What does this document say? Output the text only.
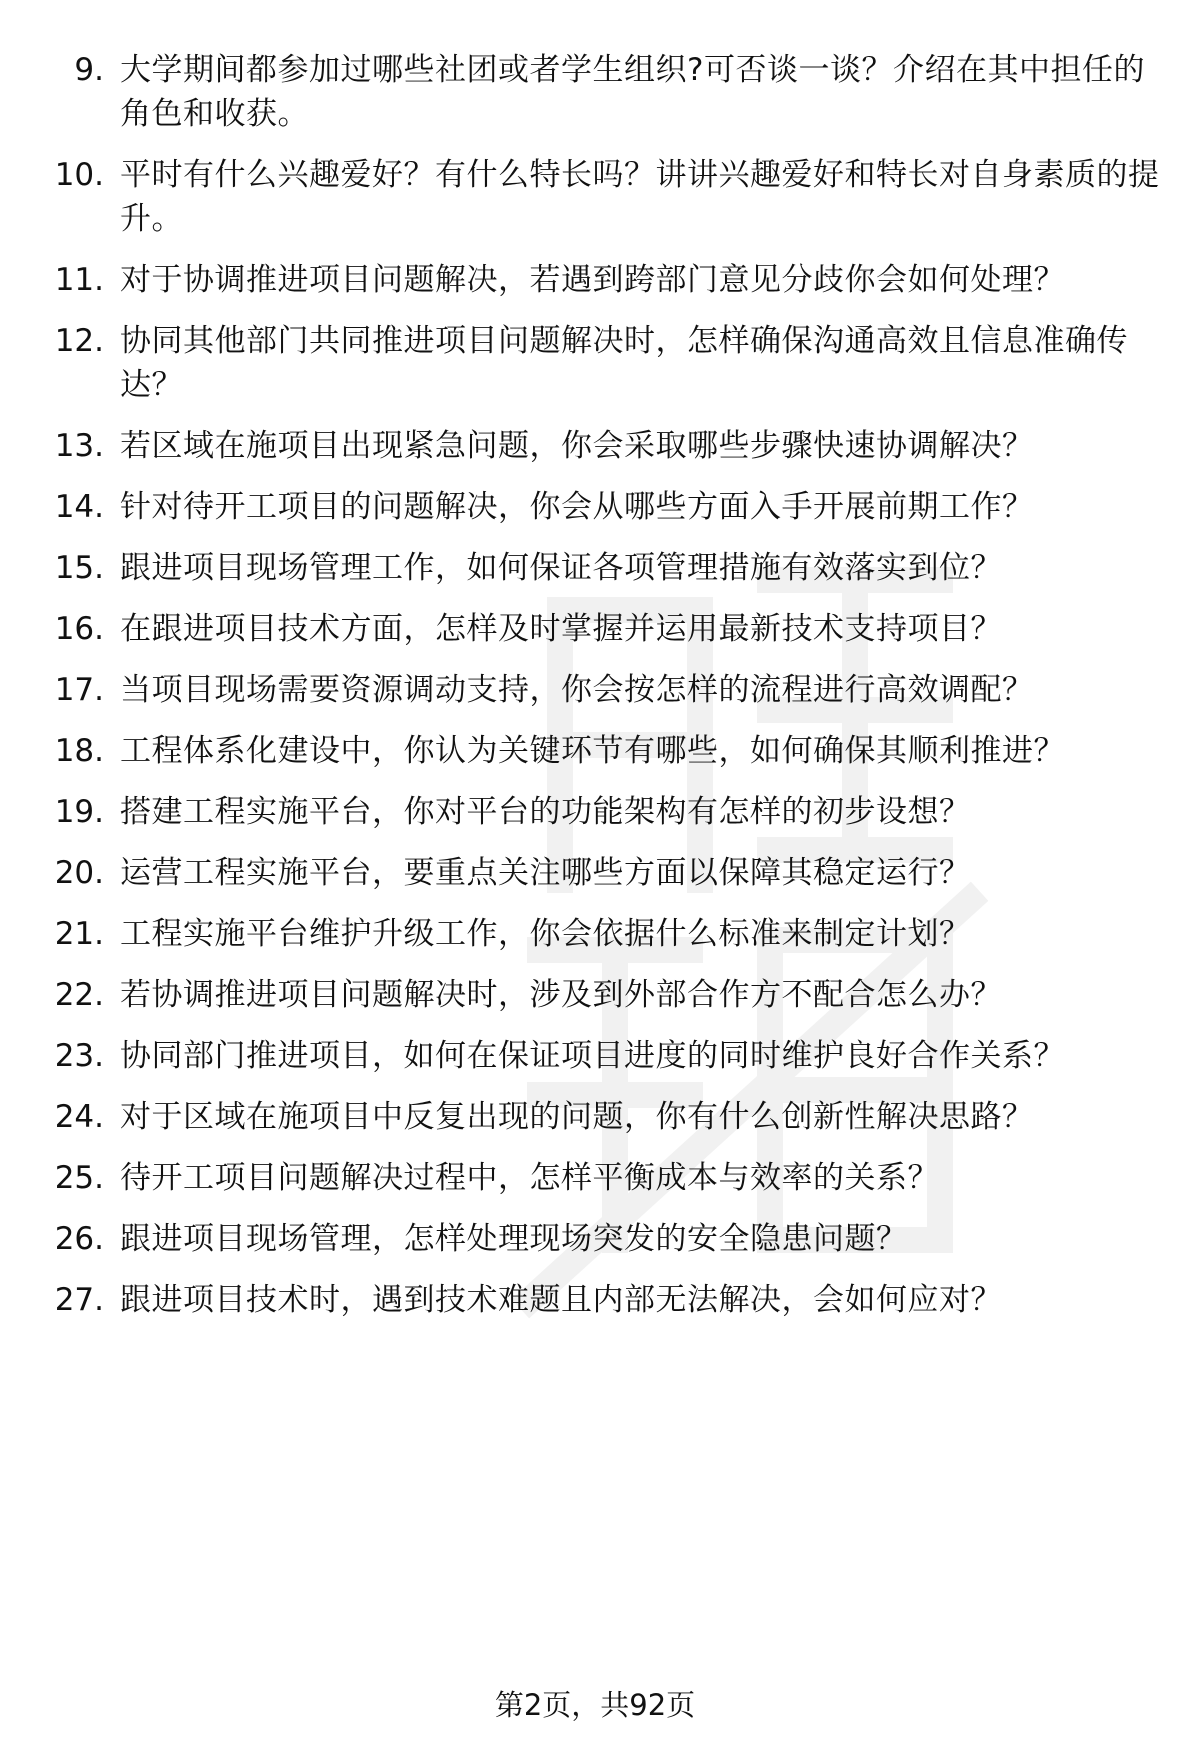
9. 大学期间都参加过哪些社团或者学生组织?可否谈一谈？介绍在其中担任的角色和收获。
10. 平时有什么兴趣爱好？有什么特长吗？讲讲兴趣爱好和特长对自身素质的提升。
11. 对于协调推进项目问题解决，若遇到跨部门意见分歧你会如何处理？
12. 协同其他部门共同推进项目问题解决时，怎样确保沟通高效且信息准确传达？
13. 若区域在施项目出现紧急问题，你会采取哪些步骤快速协调解决？
14. 针对待开工项目的问题解决，你会从哪些方面入手开展前期工作？
15. 跟进项目现场管理工作，如何保证各项管理措施有效落实到位？
16. 在跟进项目技术方面，怎样及时掌握并运用最新技术支持项目？
17. 当项目现场需要资源调动支持，你会按怎样的流程进行高效调配？
18. 工程体系化建设中，你认为关键环节有哪些，如何确保其顺利推进？
19. 搭建工程实施平台，你对平台的功能架构有怎样的初步设想？
20. 运营工程实施平台，要重点关注哪些方面以保障其稳定运行？
21. 工程实施平台维护升级工作，你会依据什么标准来制定计划？
22. 若协调推进项目问题解决时，涉及到外部合作方不配合怎么办？
23. 协同部门推进项目，如何在保证项目进度的同时维护良好合作关系？
24. 对于区域在施项目中反复出现的问题，你有什么创新性解决思路？
25. 待开工项目问题解决过程中，怎样平衡成本与效率的关系？
26. 跟进项目现场管理，怎样处理现场突发的安全隐患问题？
27. 跟进项目技术时，遇到技术难题且内部无法解决，会如何应对？
第2页，共92页
